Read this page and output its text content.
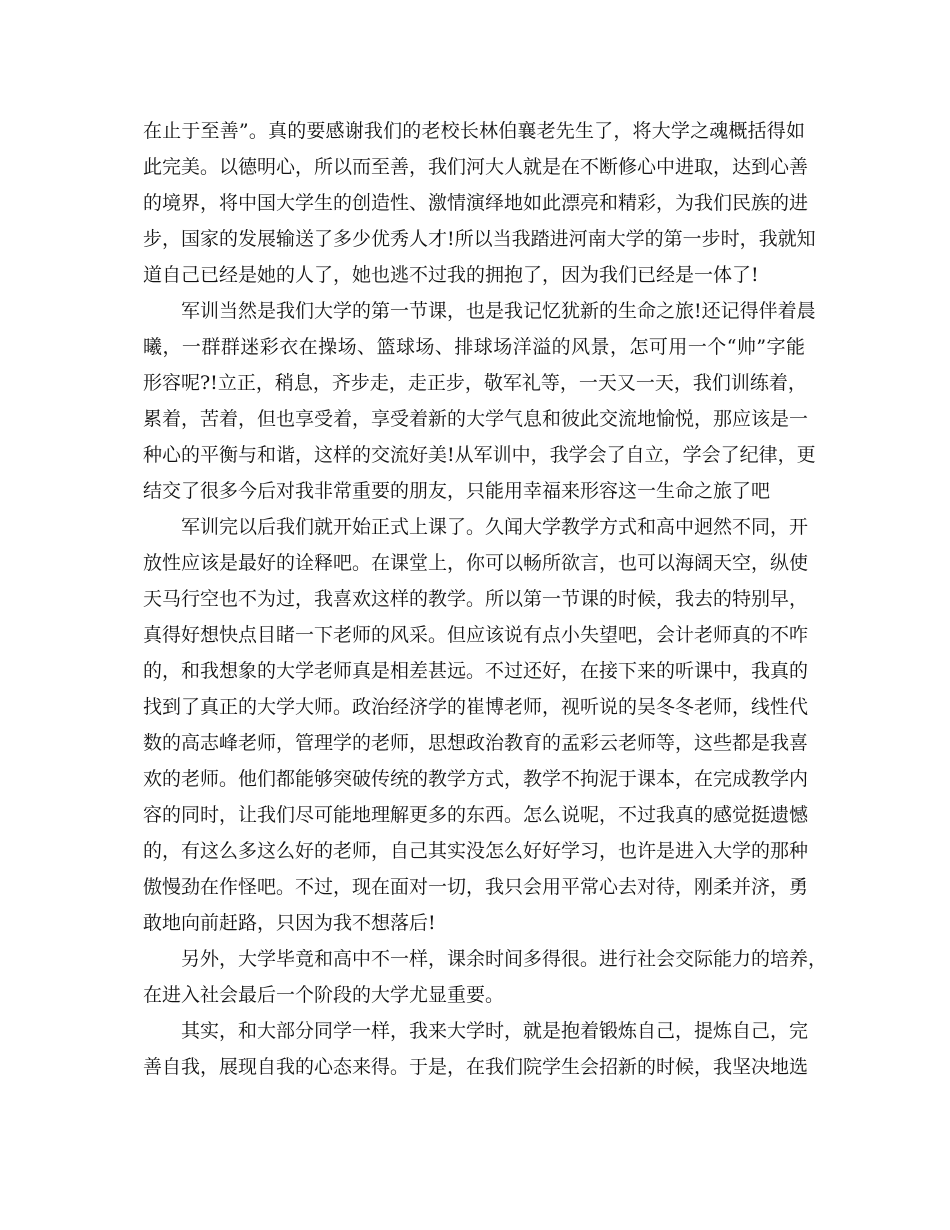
在止于至善”。真的要感谢我们的老校长林伯襄老先生了，将大学之魂概括得如
此完美。以德明心，所以而至善，我们河大人就是在不断修心中进取，达到心善
的境界，将中国大学生的创造性、激情演绎地如此漂亮和精彩，为我们民族的进
步，国家的发展输送了多少优秀人才!所以当我踏进河南大学的第一步时，我就知
道自己已经是她的人了，她也逃不过我的拥抱了，因为我们已经是一体了!
军训当然是我们大学的第一节课，也是我记忆犹新的生命之旅!还记得伴着晨
曦，一群群迷彩衣在操场、篮球场、排球场洋溢的风景，怎可用一个“帅”字能
形容呢?!立正，稍息，齐步走，走正步，敬军礼等，一天又一天，我们训练着，
累着，苦着，但也享受着，享受着新的大学气息和彼此交流地愉悦，那应该是一
种心的平衡与和谐，这样的交流好美!从军训中，我学会了自立，学会了纪律，更
结交了很多今后对我非常重要的朋友，只能用幸福来形容这一生命之旅了吧
军训完以后我们就开始正式上课了。久闻大学教学方式和高中迥然不同，开
放性应该是最好的诠释吧。在课堂上，你可以畅所欲言，也可以海阔天空，纵使
天马行空也不为过，我喜欢这样的教学。所以第一节课的时候，我去的特别早，
真得好想快点目睹一下老师的风采。但应该说有点小失望吧，会计老师真的不咋
的，和我想象的大学老师真是相差甚远。不过还好，在接下来的听课中，我真的
找到了真正的大学大师。政治经济学的崔博老师，视听说的吴冬冬老师，线性代
数的高志峰老师，管理学的老师，思想政治教育的孟彩云老师等，这些都是我喜
欢的老师。他们都能够突破传统的教学方式，教学不拘泥于课本，在完成教学内
容的同时，让我们尽可能地理解更多的东西。怎么说呢，不过我真的感觉挺遗憾
的，有这么多这么好的老师，自己其实没怎么好好学习，也许是进入大学的那种
傲慢劲在作怪吧。不过，现在面对一切，我只会用平常心去对待，刚柔并济，勇
敢地向前赶路，只因为我不想落后!
另外，大学毕竟和高中不一样，课余时间多得很。进行社会交际能力的培养，
在进入社会最后一个阶段的大学尤显重要。
其实，和大部分同学一样，我来大学时，就是抱着锻炼自己，提炼自己，完
善自我，展现自我的心态来得。于是，在我们院学生会招新的时候，我坚决地选
